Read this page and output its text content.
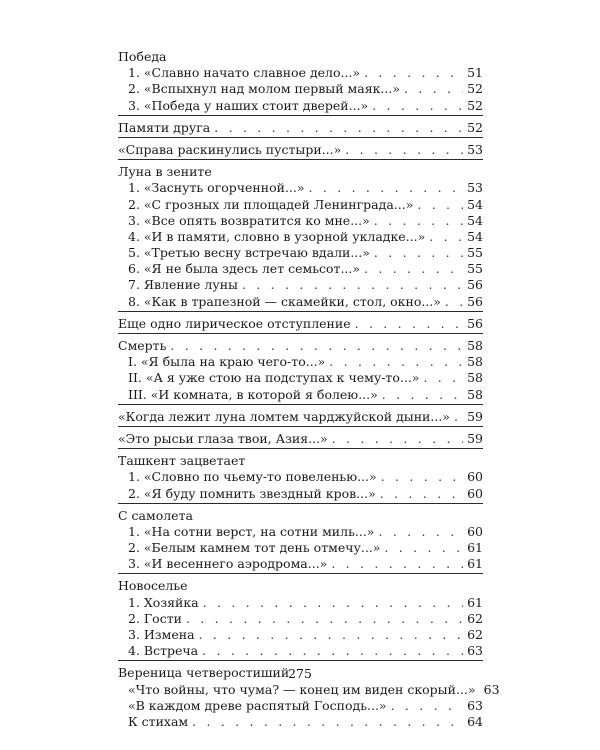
Победа
1. «Славно начато славное дело...» . . .	51
2. «Вспыхнул над молом первый маяк...» . . .	52
3. «Победа у наших стоит дверей...» . . .	52
Памяти друга . . .	52
«Справа раскинулись пустыри...» . . .	53
Луна в зените
1. «Заснуть огорченной...» . . .	53
2. «С грозных ли площадей Ленинграда...» . . .	54
3. «Все опять возвратится ко мне...» . . .	54
4. «И в памяти, словно в узорной укладке...» . . .	54
5. «Третью весну встречаю вдали...» . . .	55
6. «Я не была здесь лет семьсот...» . . .	55
7. Явление луны . . .	56
8. «Как в трапезной — скамейки, стол, окно...» . . . 56
Еще одно лирическое отступление . . .	56
Смерть . . .	58
I. «Я была на краю чего-то...» . . .	58
II. «А я уже стою на подступах к чему-то...» . . .	58
III. «И комната, в которой я болею...» . . .	58
«Когда лежит луна ломтем чарджуйской дыни...» . . . 59
«Это рысьи глаза твои, Азия...» . . .	59
Ташкент зацветает
1. «Словно по чьему-то повеленью...» . . .	60
2. «Я буду помнить звездный кров...» . . .	60
С самолета
1. «На сотни верст, на сотни миль...» . . .	60
2. «Белым камнем тот день отмечу...» . . .	61
3. «И весеннего аэродрома...» . . .	61
Новоселье
1. Хозяйка . . .	61
2. Гости . . .	62
3. Измена . . .	62
4. Встреча . . .	63
Вереница четверостиший
«Что войны, что чума? — конец им виден скорый...» 63
«В каждом древе распятый Господь...» . . .	63
К стихам . . .	64
275
